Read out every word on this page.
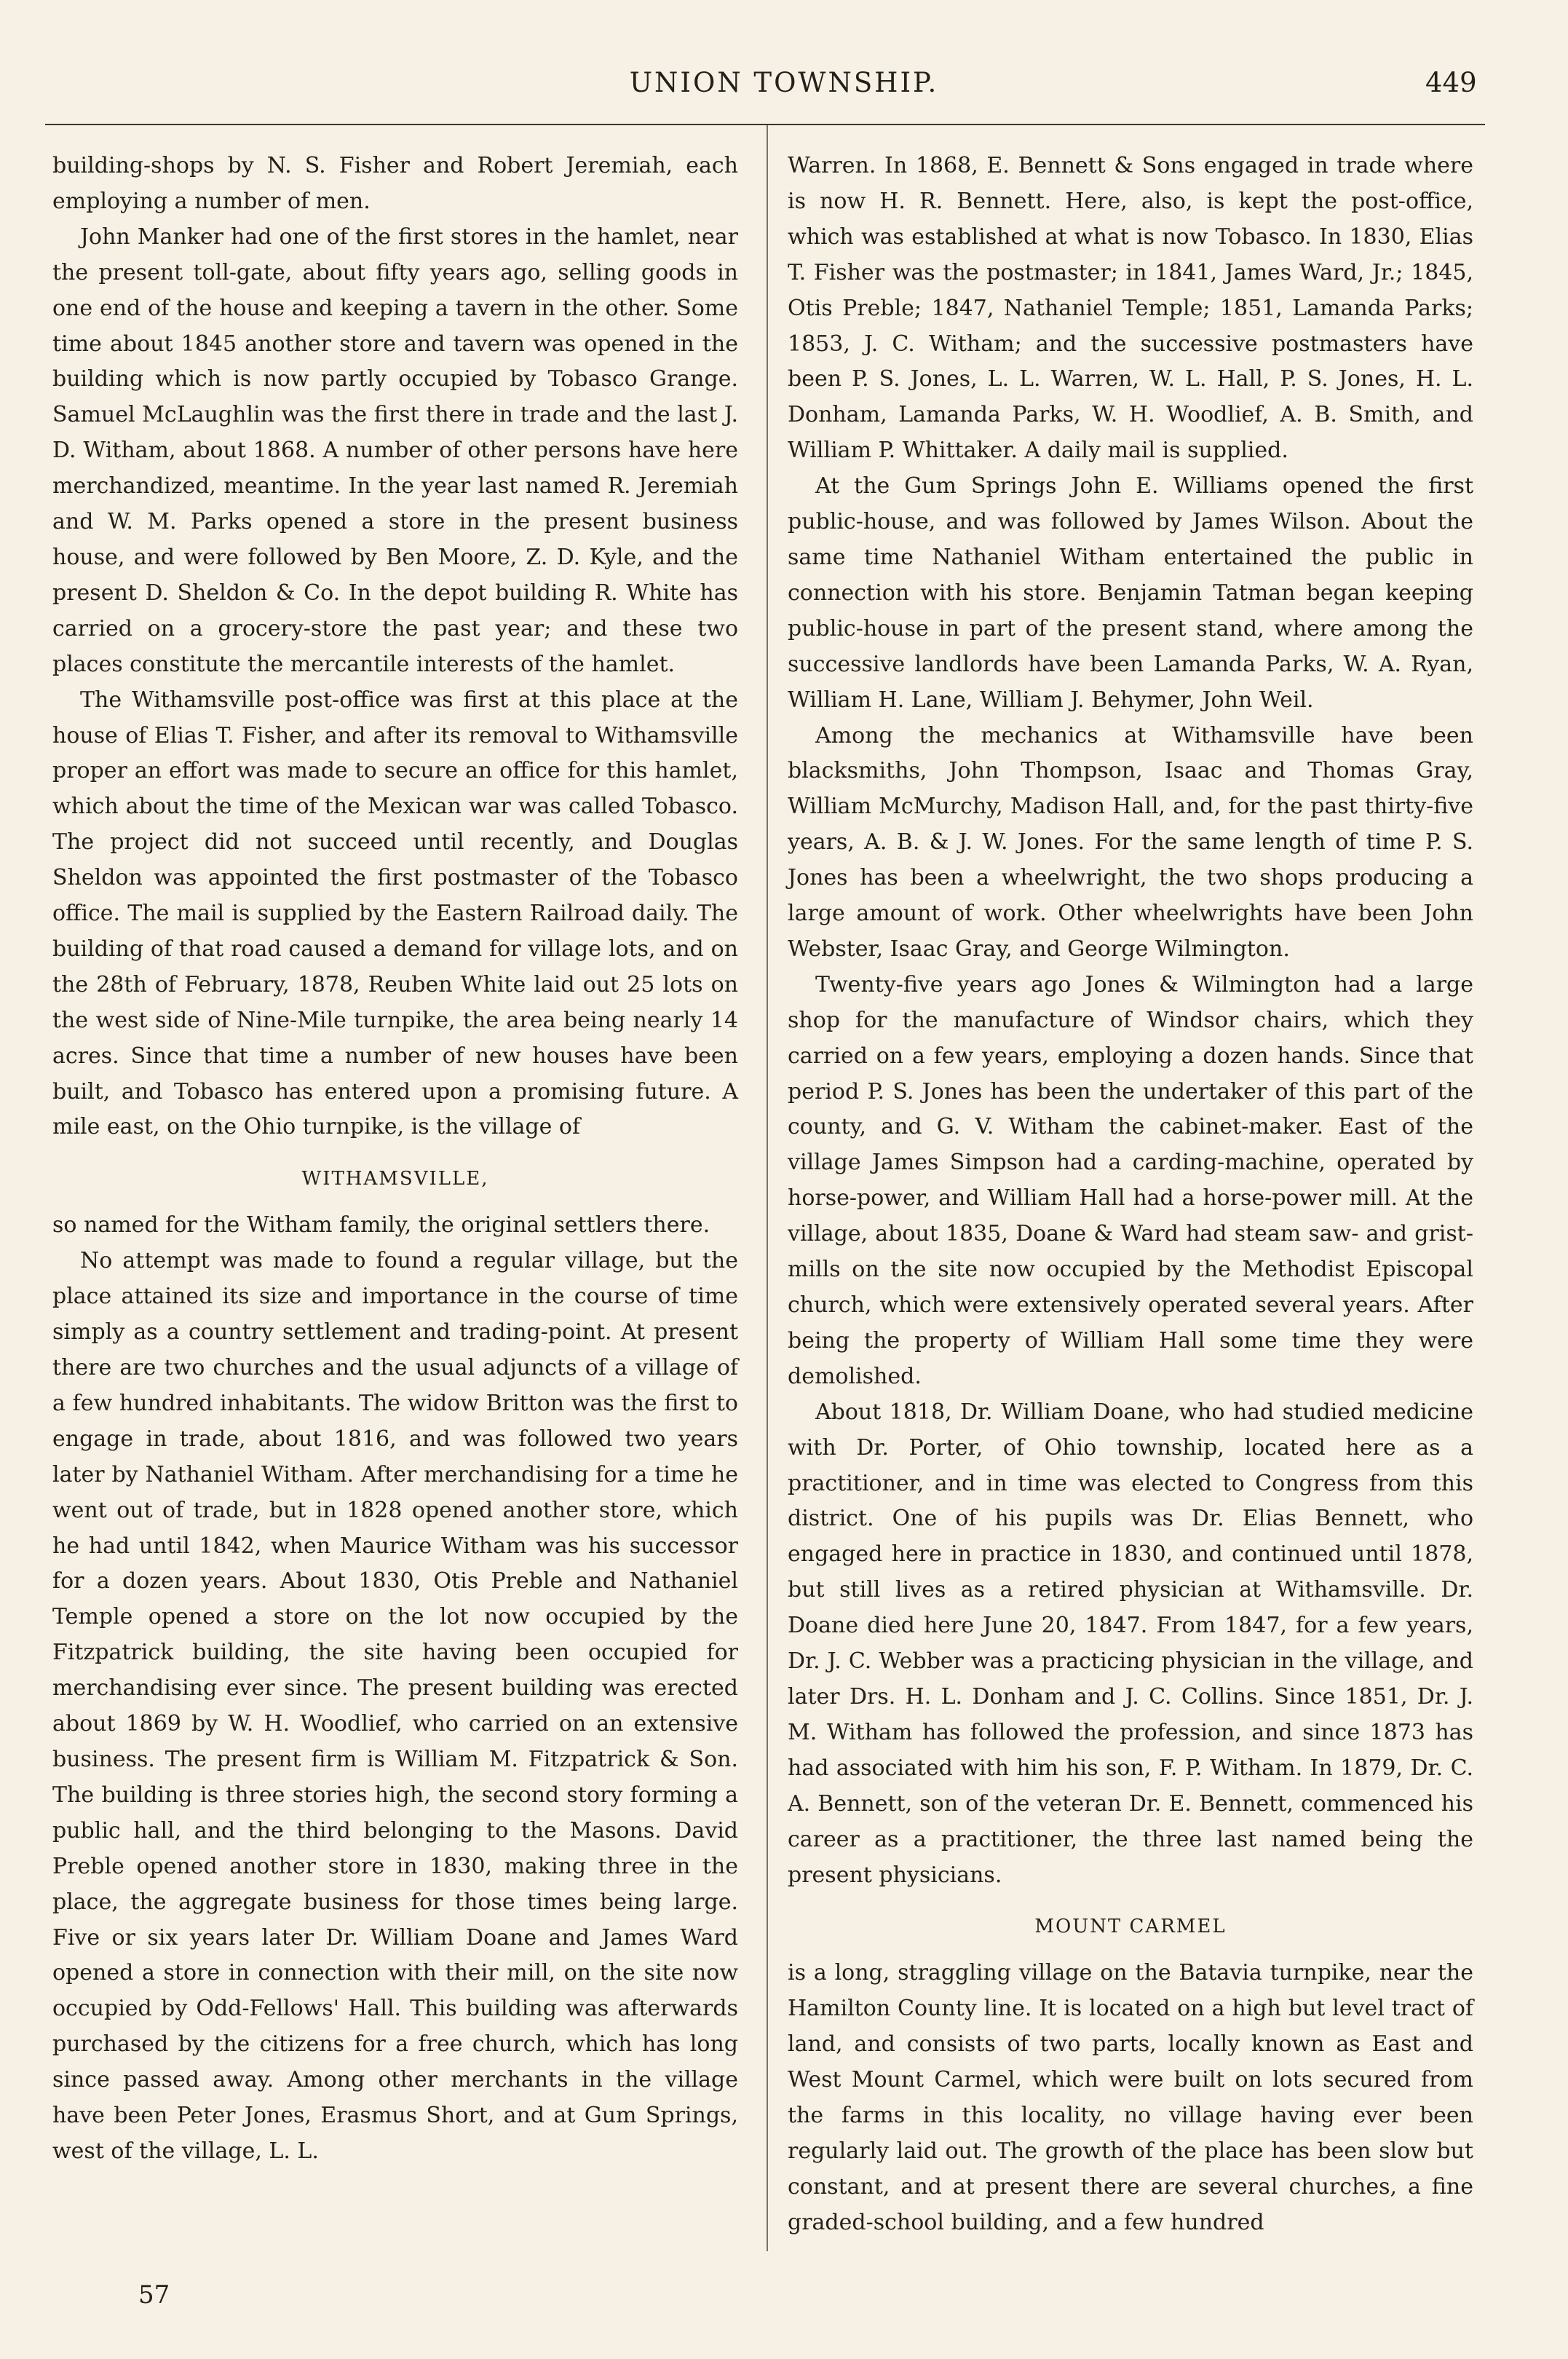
UNION TOWNSHIP.	449

building-shops by N. S. Fisher and Robert Jeremiah, each employing a number of men.

John Manker had one of the first stores in the hamlet, near the present toll-gate, about fifty years ago, selling goods in one end of the house and keeping a tavern in the other. Some time about 1845 another store and tavern was opened in the building which is now partly occupied by Tobasco Grange. Samuel McLaughlin was the first there in trade and the last J. D. Witham, about 1868. A number of other persons have here merchandized, meantime. In the year last named R. Jeremiah and W. M. Parks opened a store in the present business house, and were followed by Ben Moore, Z. D. Kyle, and the present D. Sheldon & Co. In the depot building R. White has carried on a grocery-store the past year; and these two places constitute the mercantile interests of the hamlet.

The Withamsville post-office was first at this place at the house of Elias T. Fisher, and after its removal to Withamsville proper an effort was made to secure an office for this hamlet, which about the time of the Mexican war was called Tobasco. The project did not succeed until recently, and Douglas Sheldon was appointed the first postmaster of the Tobasco office. The mail is supplied by the Eastern Railroad daily. The building of that road caused a demand for village lots, and on the 28th of February, 1878, Reuben White laid out 25 lots on the west side of Nine-Mile turnpike, the area being nearly 14 acres. Since that time a number of new houses have been built, and Tobasco has entered upon a promising future. A mile east, on the Ohio turnpike, is the village of

WITHAMSVILLE,

so named for the Witham family, the original settlers there.

No attempt was made to found a regular village, but the place attained its size and importance in the course of time simply as a country settlement and trading-point. At present there are two churches and the usual adjuncts of a village of a few hundred inhabitants. The widow Britton was the first to engage in trade, about 1816, and was followed two years later by Nathaniel Witham. After merchandising for a time he went out of trade, but in 1828 opened another store, which he had until 1842, when Maurice Witham was his successor for a dozen years. About 1830, Otis Preble and Nathaniel Temple opened a store on the lot now occupied by the Fitzpatrick building, the site having been occupied for merchandising ever since. The present building was erected about 1869 by W. H. Woodlief, who carried on an extensive business. The present firm is William M. Fitzpatrick & Son. The building is three stories high, the second story forming a public hall, and the third belonging to the Masons. David Preble opened another store in 1830, making three in the place, the aggregate business for those times being large. Five or six years later Dr. William Doane and James Ward opened a store in connection with their mill, on the site now occupied by Odd-Fellows' Hall. This building was afterwards purchased by the citizens for a free church, which has long since passed away. Among other merchants in the village have been Peter Jones, Erasmus Short, and at Gum Springs, west of the village, L. L.

Warren. In 1868, E. Bennett & Sons engaged in trade where is now H. R. Bennett. Here, also, is kept the post-office, which was established at what is now Tobasco. In 1830, Elias T. Fisher was the postmaster; in 1841, James Ward, Jr.; 1845, Otis Preble; 1847, Nathaniel Temple; 1851, Lamanda Parks; 1853, J. C. Witham; and the successive postmasters have been P. S. Jones, L. L. Warren, W. L. Hall, P. S. Jones, H. L. Donham, Lamanda Parks, W. H. Woodlief, A. B. Smith, and William P. Whittaker. A daily mail is supplied.

At the Gum Springs John E. Williams opened the first public-house, and was followed by James Wilson. About the same time Nathaniel Witham entertained the public in connection with his store. Benjamin Tatman began keeping public-house in part of the present stand, where among the successive landlords have been Lamanda Parks, W. A. Ryan, William H. Lane, William J. Behymer, John Weil.

Among the mechanics at Withamsville have been blacksmiths, John Thompson, Isaac and Thomas Gray, William McMurchy, Madison Hall, and, for the past thirty-five years, A. B. & J. W. Jones. For the same length of time P. S. Jones has been a wheelwright, the two shops producing a large amount of work. Other wheelwrights have been John Webster, Isaac Gray, and George Wilmington.

Twenty-five years ago Jones & Wilmington had a large shop for the manufacture of Windsor chairs, which they carried on a few years, employing a dozen hands. Since that period P. S. Jones has been the undertaker of this part of the county, and G. V. Witham the cabinet-maker. East of the village James Simpson had a carding-machine, operated by horse-power, and William Hall had a horse-power mill. At the village, about 1835, Doane & Ward had steam saw- and grist-mills on the site now occupied by the Methodist Episcopal church, which were extensively operated several years. After being the property of William Hall some time they were demolished.

About 1818, Dr. William Doane, who had studied medicine with Dr. Porter, of Ohio township, located here as a practitioner, and in time was elected to Congress from this district. One of his pupils was Dr. Elias Bennett, who engaged here in practice in 1830, and continued until 1878, but still lives as a retired physician at Withamsville. Dr. Doane died here June 20, 1847. From 1847, for a few years, Dr. J. C. Webber was a practicing physician in the village, and later Drs. H. L. Donham and J. C. Collins. Since 1851, Dr. J. M. Witham has followed the profession, and since 1873 has had associated with him his son, F. P. Witham. In 1879, Dr. C. A. Bennett, son of the veteran Dr. E. Bennett, commenced his career as a practitioner, the three last named being the present physicians.

MOUNT CARMEL

is a long, straggling village on the Batavia turnpike, near the Hamilton County line. It is located on a high but level tract of land, and consists of two parts, locally known as East and West Mount Carmel, which were built on lots secured from the farms in this locality, no village having ever been regularly laid out. The growth of the place has been slow but constant, and at present there are several churches, a fine graded-school building, and a few hundred

57
